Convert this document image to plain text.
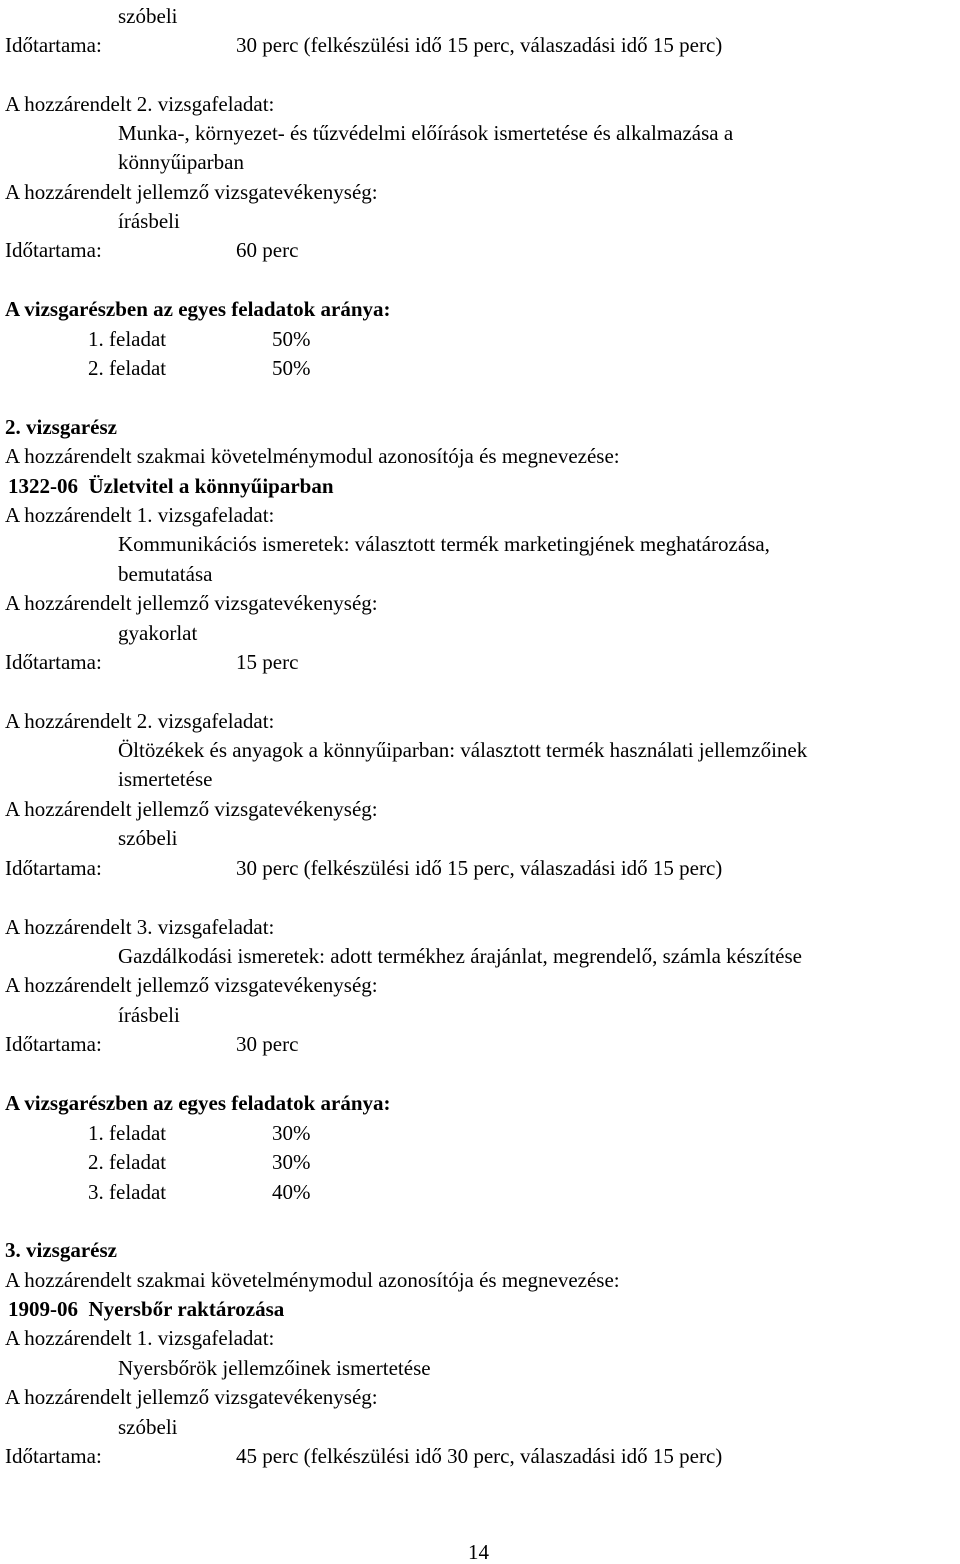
szóbeli
Időtartama:	30 perc (felkészülési idő 15 perc, válaszadási idő 15 perc)
A hozzárendelt 2. vizsgafeladat:
Munka-, környezet- és tűzvédelmi előírások ismertetése és alkalmazása a
könnyűiparban
A hozzárendelt jellemző vizsgatevékenység:
írásbeli
Időtartama:	60 perc
A vizsgarészben az egyes feladatok aránya:
1. feladat	50%
2. feladat	50%
2. vizsgarész
A hozzárendelt szakmai követelménymodul azonosítója és megnevezése:
1322-06  Üzletvitel a könnyűiparban
A hozzárendelt 1. vizsgafeladat:
Kommunikációs ismeretek: választott termék marketingjének meghatározása,
bemutatása
A hozzárendelt jellemző vizsgatevékenység:
gyakorlat
Időtartama:	15 perc
A hozzárendelt 2. vizsgafeladat:
Öltözékek és anyagok a könnyűiparban: választott termék használati jellemzőinek
ismertetése
A hozzárendelt jellemző vizsgatevékenység:
szóbeli
Időtartama:	30 perc (felkészülési idő 15 perc, válaszadási idő 15 perc)
A hozzárendelt 3. vizsgafeladat:
Gazdálkodási ismeretek: adott termékhez árajánlat, megrendelő, számla készítése
A hozzárendelt jellemző vizsgatevékenység:
írásbeli
Időtartama:	30 perc
A vizsgarészben az egyes feladatok aránya:
1. feladat	30%
2. feladat	30%
3. feladat	40%
3. vizsgarész
A hozzárendelt szakmai követelménymodul azonosítója és megnevezése:
1909-06  Nyersbőr raktározása
A hozzárendelt 1. vizsgafeladat:
Nyersbőrök jellemzőinek ismertetése
A hozzárendelt jellemző vizsgatevékenység:
szóbeli
Időtartama:	45 perc (felkészülési idő 30 perc, válaszadási idő 15 perc)
14
